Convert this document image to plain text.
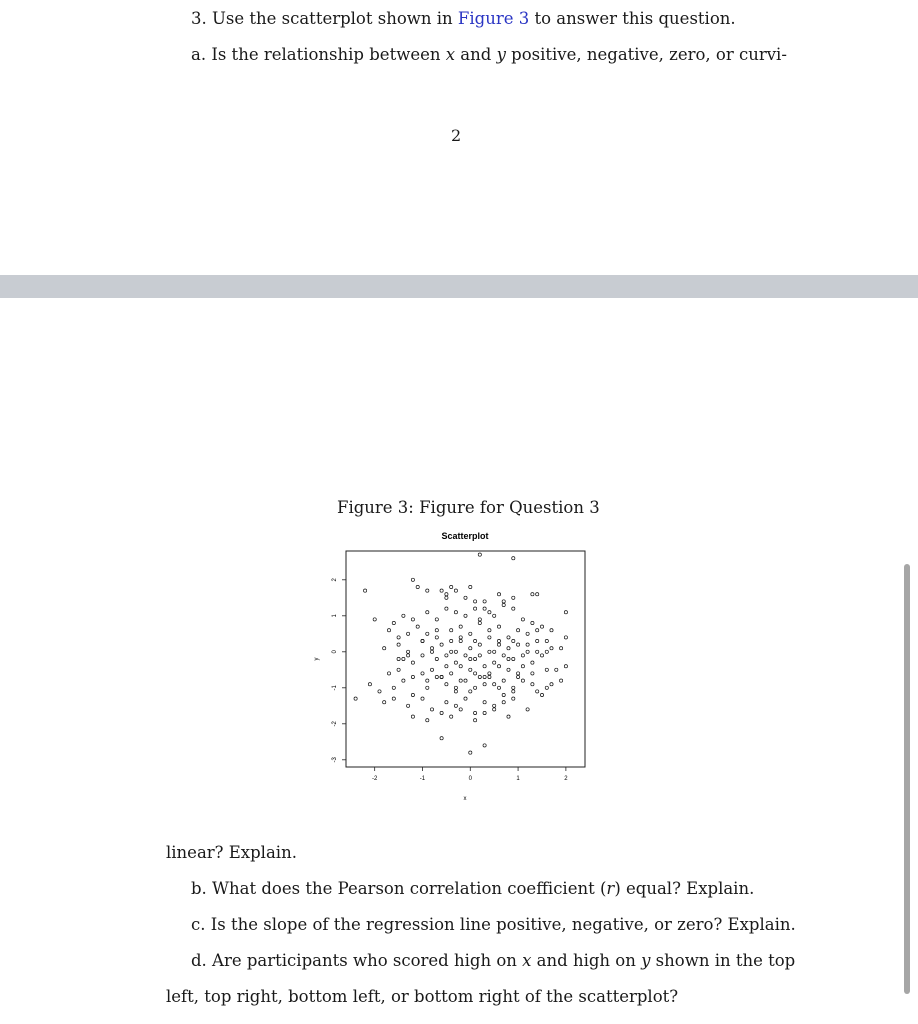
3. Use the scatterplot shown in Figure 3 to answer this question.
a. Is the relationship between x and y positive, negative, zero, or curvi-
2
Figure 3: Figure for Question 3
Scatterplot
-2	-1	0	1	2
-3
-2
-1
0
1
2
x
y
linear? Explain.
b. What does the Pearson correlation coefficient (r) equal? Explain.
c. Is the slope of the regression line positive, negative, or zero? Explain.
d. Are participants who scored high on x and high on y shown in the top
left, top right, bottom left, or bottom right of the scatterplot?
